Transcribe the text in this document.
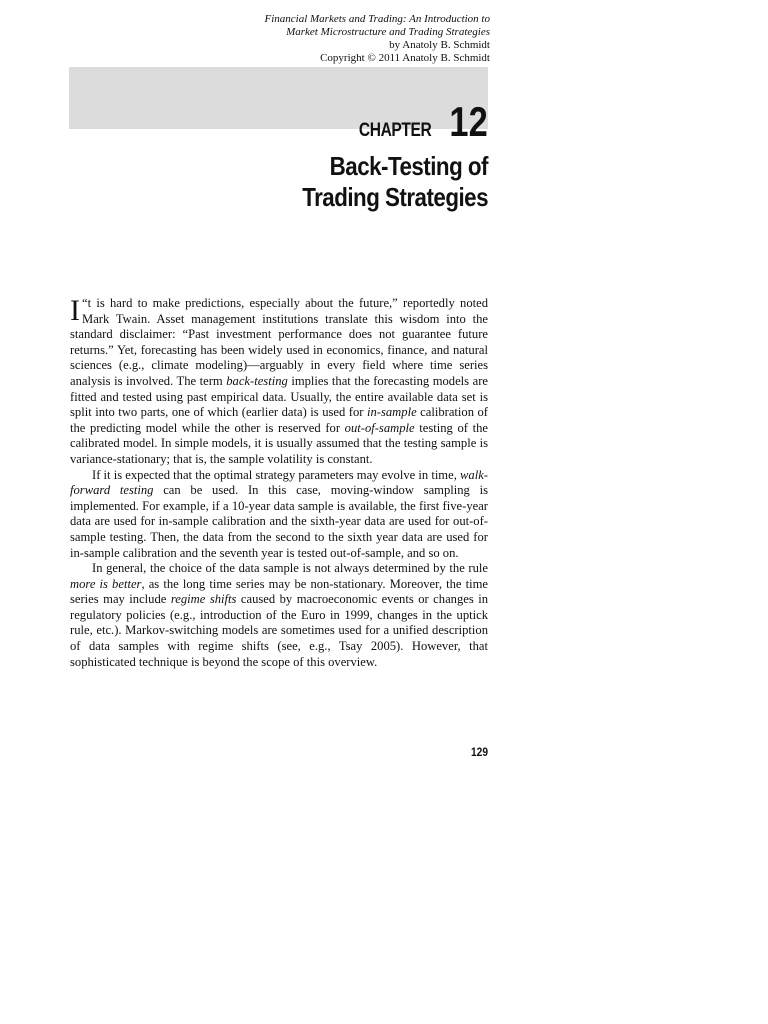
Financial Markets and Trading: An Introduction to
Market Microstructure and Trading Strategies
by Anatoly B. Schmidt
Copyright © 2011 Anatoly B. Schmidt
CHAPTER 12
Back-Testing of
Trading Strategies

“
I t is hard to make predictions, especially about the future,” reportedly noted Mark Twain. Asset management institutions translate this wisdom into the standard disclaimer: “Past investment performance does not guarantee future returns.” Yet, forecasting has been widely used in economics, finance, and natural sciences (e.g., climate modeling)—arguably in every field where time series analysis is involved. The term back-testing implies that the forecasting models are fitted and tested using past empirical data. Usually, the entire available data set is split into two parts, one of which (earlier data) is used for in-sample calibration of the predicting model while the other is reserved for out-of-sample testing of the calibrated model. In simple models, it is usually assumed that the testing sample is variance-stationary; that is, the sample volatility is constant.

If it is expected that the optimal strategy parameters may evolve in time, walk-forward testing can be used. In this case, moving-window sampling is implemented. For example, if a 10-year data sample is available, the first five-year data are used for in-sample calibration and the sixth-year data are used for out-of-sample testing. Then, the data from the second to the sixth year data are used for in-sample calibration and the seventh year is tested out-of-sample, and so on.

In general, the choice of the data sample is not always determined by the rule more is better, as the long time series may be non-stationary. Moreover, the time series may include regime shifts caused by macroeconomic events or changes in regulatory policies (e.g., introduction of the Euro in 1999, changes in the uptick rule, etc.). Markov-switching models are sometimes used for a unified description of data samples with regime shifts (see, e.g., Tsay 2005). However, that sophisticated technique is beyond the scope of this overview.

129
